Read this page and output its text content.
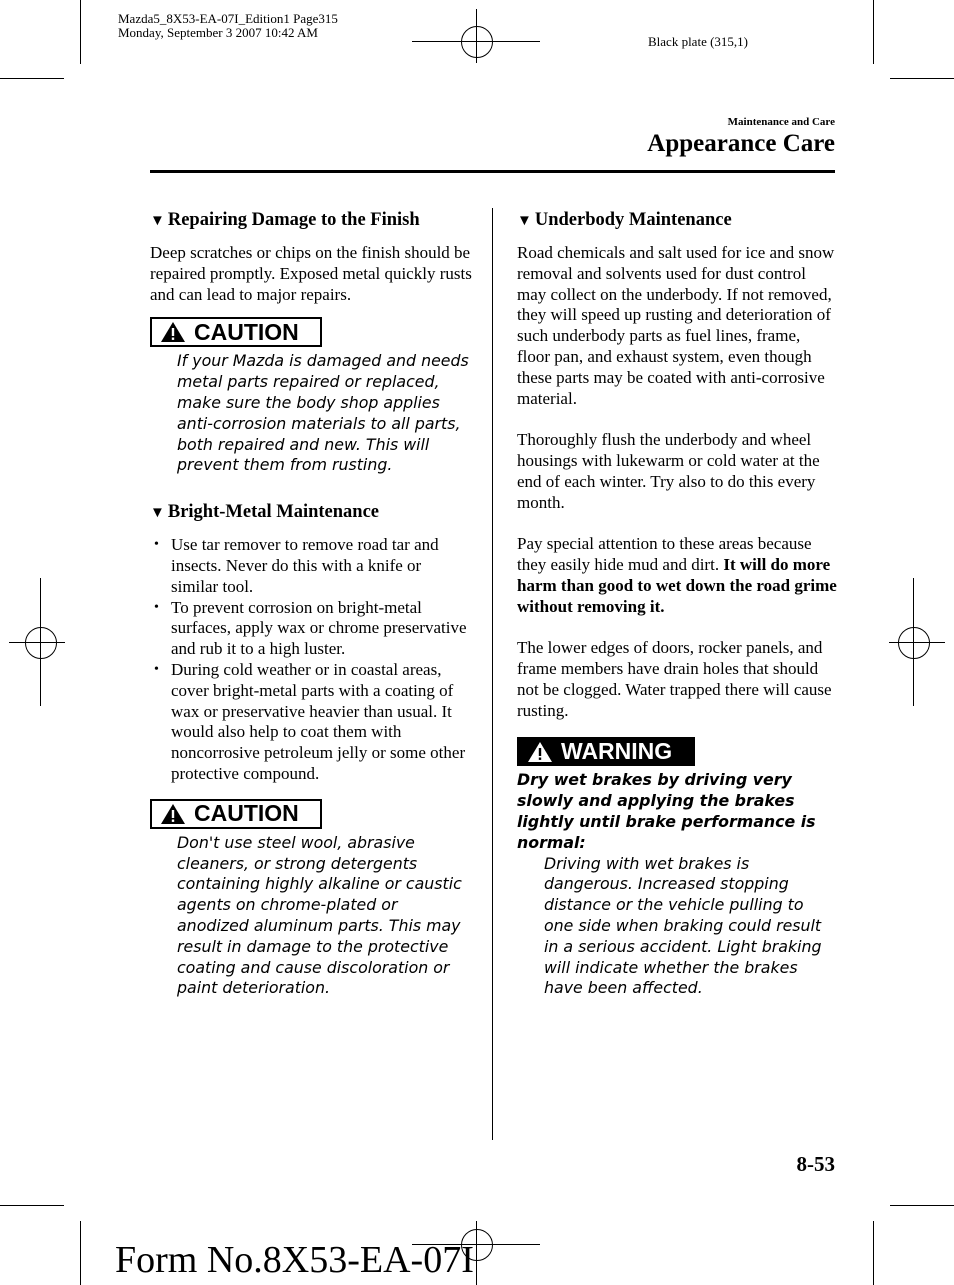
Mazda5_8X53-EA-07I_Edition1 Page315
Monday, September 3 2007 10:42 AM
Black plate (315,1)
Maintenance and Care
Appearance Care
▼ Repairing Damage to the Finish

Deep scratches or chips on the finish should be repaired promptly. Exposed metal quickly rusts and can lead to major repairs.

CAUTION
If your Mazda is damaged and needs metal parts repaired or replaced, make sure the body shop applies anti-corrosion materials to all parts, both repaired and new. This will prevent them from rusting.
▼ Bright-Metal Maintenance
• Use tar remover to remove road tar and insects. Never do this with a knife or similar tool.
• To prevent corrosion on bright-metal surfaces, apply wax or chrome preservative and rub it to a high luster.
• During cold weather or in coastal areas, cover bright-metal parts with a coating of wax or preservative heavier than usual. It would also help to coat them with noncorrosive petroleum jelly or some other protective compound.
CAUTION
Don't use steel wool, abrasive cleaners, or strong detergents containing highly alkaline or caustic agents on chrome-plated or anodized aluminum parts. This may result in damage to the protective coating and cause discoloration or paint deterioration.
▼ Underbody Maintenance

Road chemicals and salt used for ice and snow removal and solvents used for dust control may collect on the underbody. If not removed, they will speed up rusting and deterioration of such underbody parts as fuel lines, frame, floor pan, and exhaust system, even though these parts may be coated with anti-corrosive material.

Thoroughly flush the underbody and wheel housings with lukewarm or cold water at the end of each winter. Try also to do this every month.

Pay special attention to these areas because they easily hide mud and dirt. It will do more harm than good to wet down the road grime without removing it.

The lower edges of doors, rocker panels, and frame members have drain holes that should not be clogged. Water trapped there will cause rusting.

WARNING
Dry wet brakes by driving very slowly and applying the brakes lightly until brake performance is normal:
Driving with wet brakes is dangerous. Increased stopping distance or the vehicle pulling to one side when braking could result in a serious accident. Light braking will indicate whether the brakes have been affected.
8-53
Form No.8X53-EA-07I
